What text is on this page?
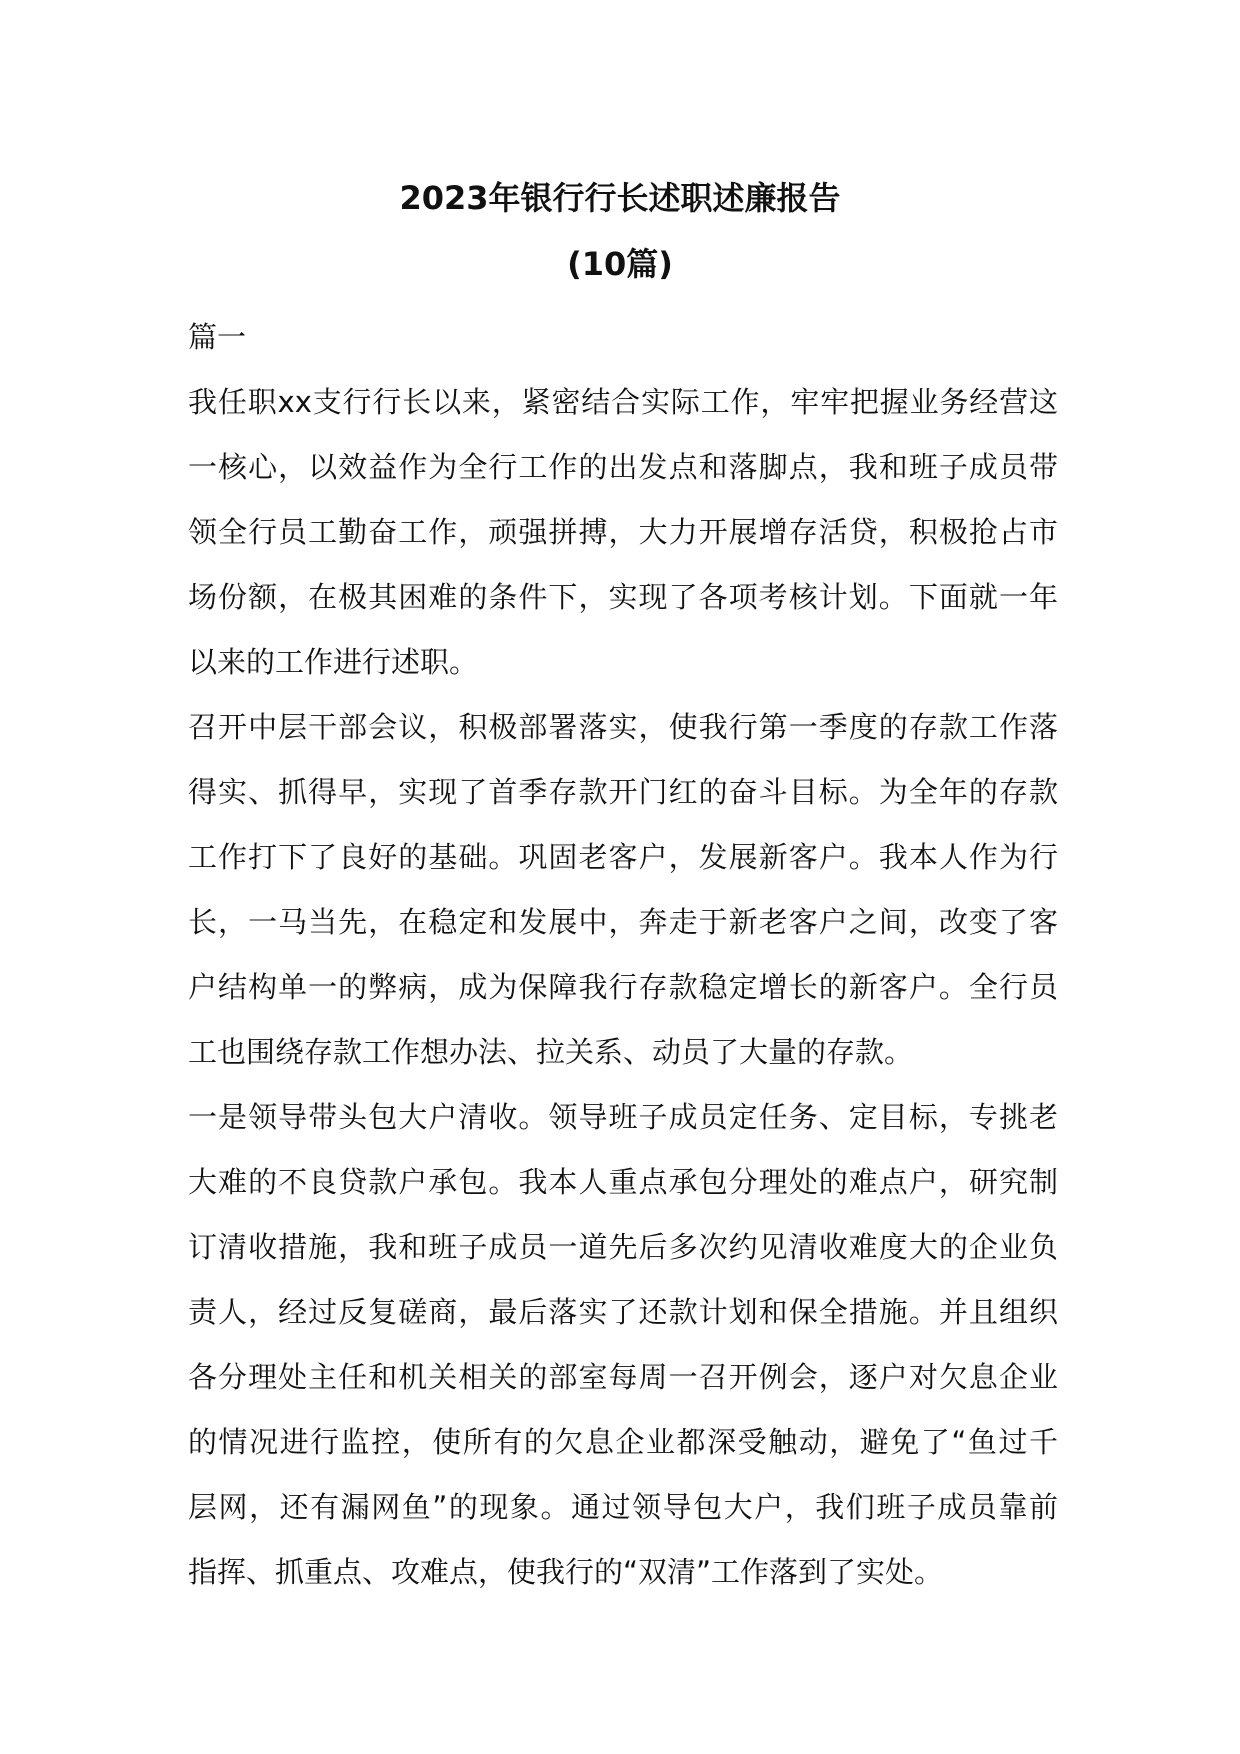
2023年银行行长述职述廉报告
(10篇)
篇一
我任职xx支行行长以来，紧密结合实际工作，牢牢把握业务经营这
一核心，以效益作为全行工作的出发点和落脚点，我和班子成员带
领全行员工勤奋工作，顽强拼搏，大力开展增存活贷，积极抢占市
场份额，在极其困难的条件下，实现了各项考核计划。下面就一年
以来的工作进行述职。
召开中层干部会议，积极部署落实，使我行第一季度的存款工作落
得实、抓得早，实现了首季存款开门红的奋斗目标。为全年的存款
工作打下了良好的基础。巩固老客户，发展新客户。我本人作为行
长，一马当先，在稳定和发展中，奔走于新老客户之间，改变了客
户结构单一的弊病，成为保障我行存款稳定增长的新客户。全行员
工也围绕存款工作想办法、拉关系、动员了大量的存款。
一是领导带头包大户清收。领导班子成员定任务、定目标，专挑老
大难的不良贷款户承包。我本人重点承包分理处的难点户，研究制
订清收措施，我和班子成员一道先后多次约见清收难度大的企业负
责人，经过反复磋商，最后落实了还款计划和保全措施。并且组织
各分理处主任和机关相关的部室每周一召开例会，逐户对欠息企业
的情况进行监控，使所有的欠息企业都深受触动，避免了“鱼过千
层网，还有漏网鱼”的现象。通过领导包大户，我们班子成员靠前
指挥、抓重点、攻难点，使我行的“双清”工作落到了实处。
